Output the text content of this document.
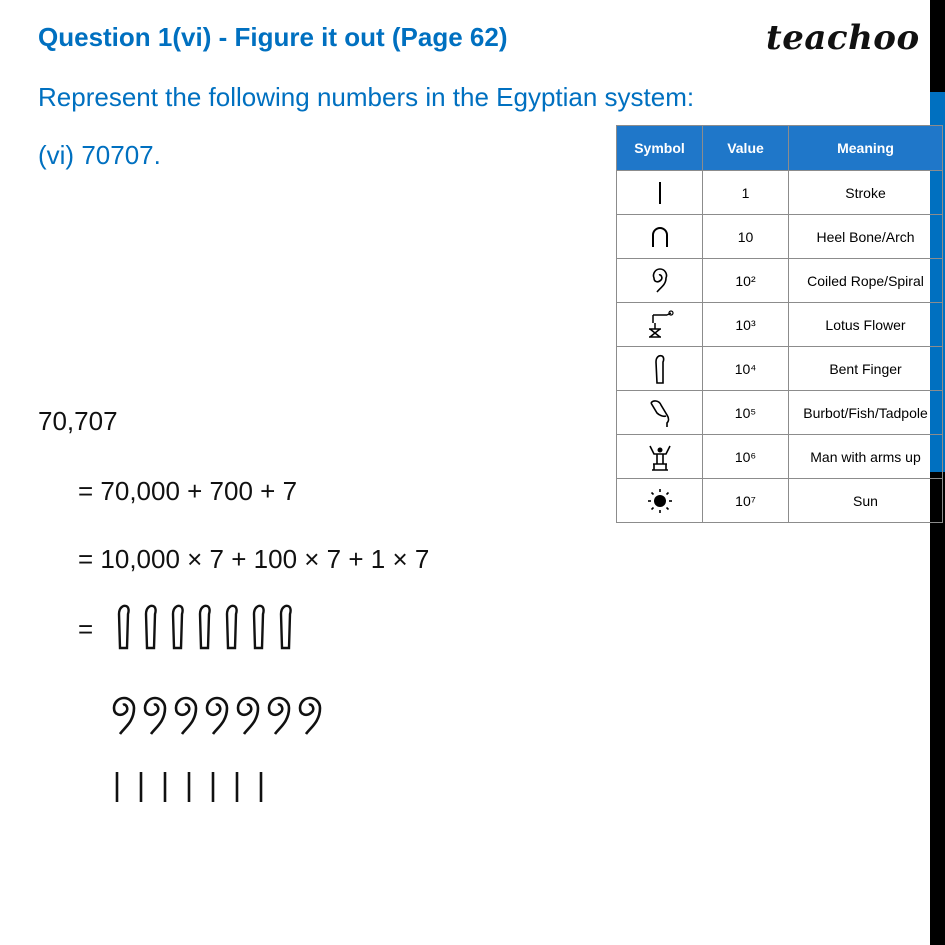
Question 1(vi) - Figure it out (Page 62)	teachoo
Represent the following numbers in the Egyptian system:
(vi) 70707.	Symbol	Value	Meaning

	1	Stroke

	10	Heel Bone/Arch

	10²	Coiled Rope/Spiral

	10³	Lotus Flower

	10⁴	Bent Finger

	10⁵	Burbot/Fish/Tadpole

	10⁶	Man with arms up

	10⁷	Sun
70,707
= 70,000 + 700 + 7
= 10,000 × 7 + 100 × 7 + 1 × 7
=
